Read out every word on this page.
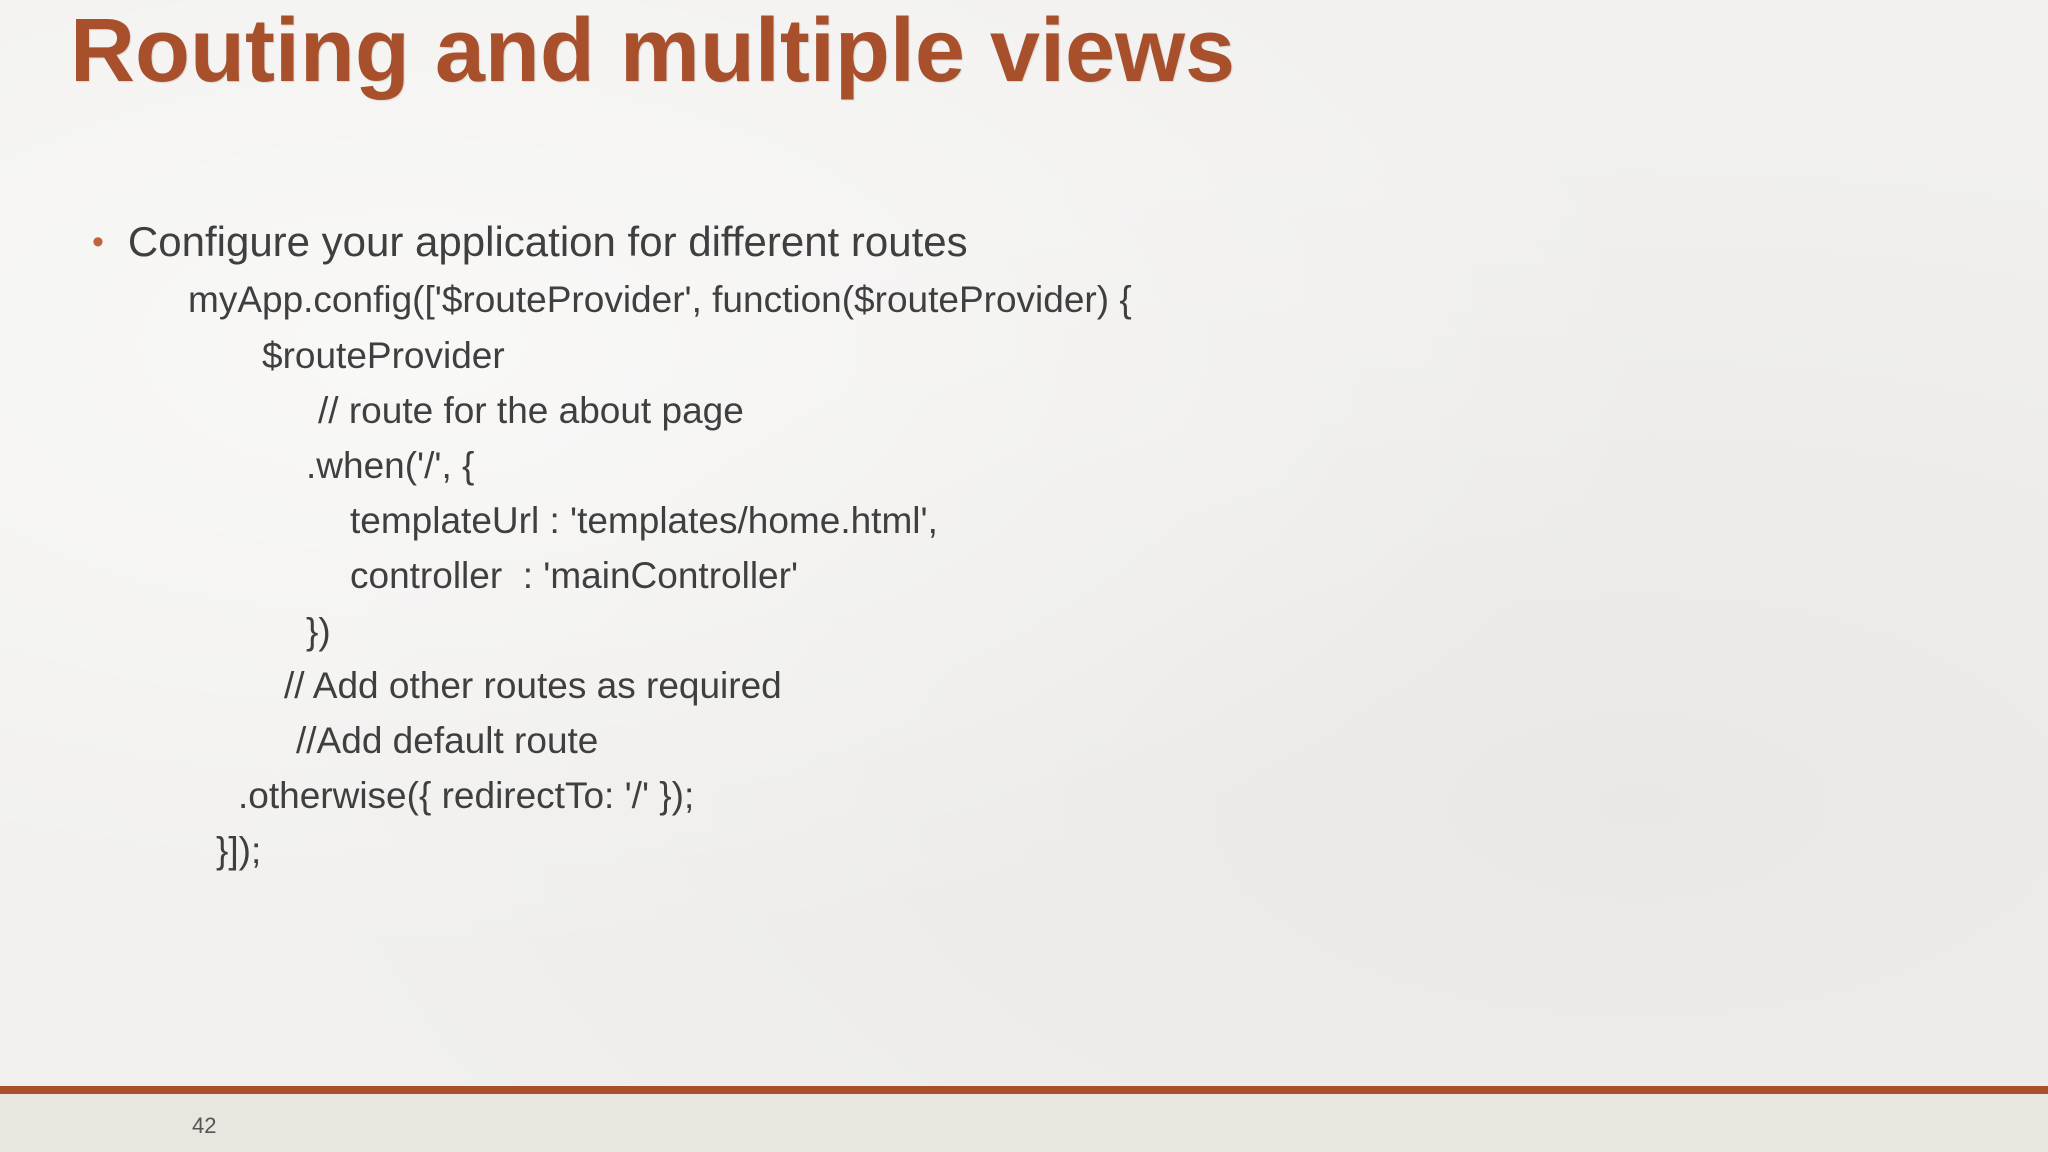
Routing and multiple views
• Configure your application for different routes
myApp.config(['$routeProvider', function($routeProvider) {
$routeProvider
// route for the about page
.when('/', {
templateUrl : 'templates/home.html',
controller  : 'mainController'
})
// Add other routes as required
//Add default route
.otherwise({ redirectTo: '/' });
}]);
42
